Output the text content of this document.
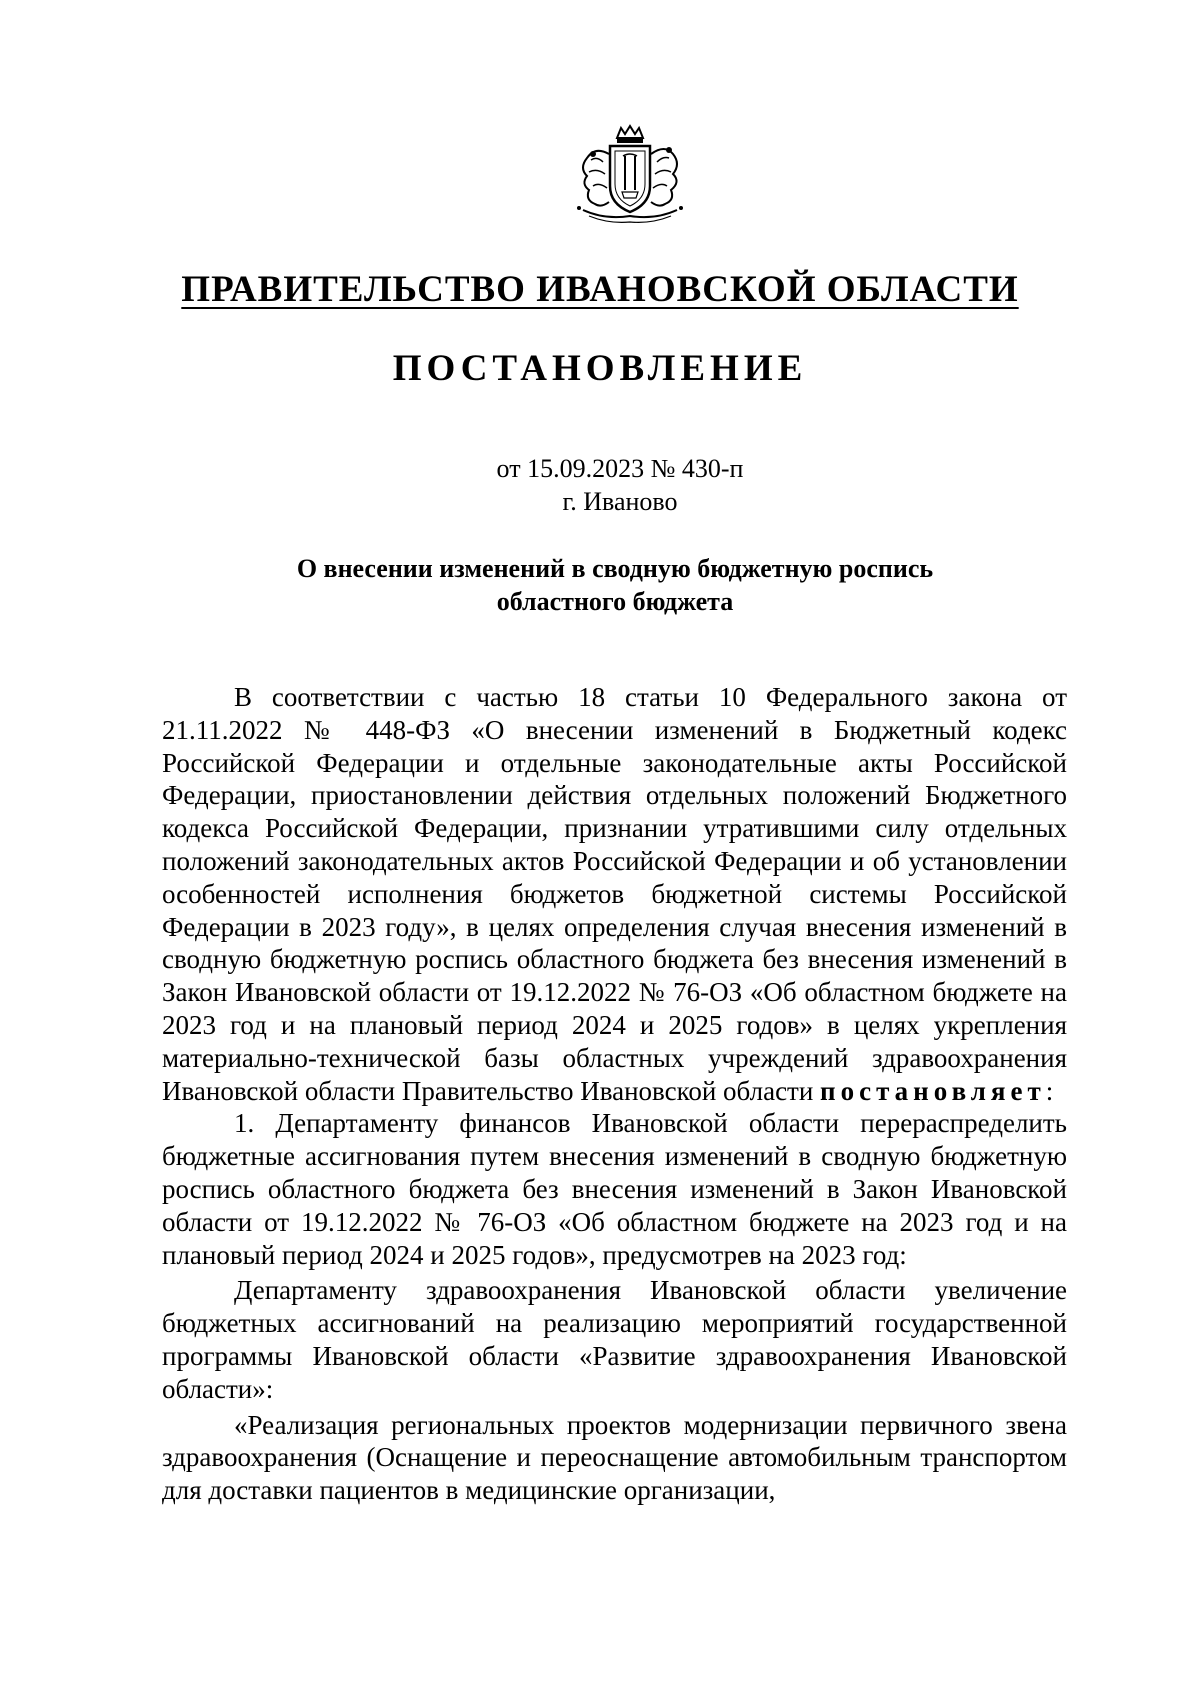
ПРАВИТЕЛЬСТВО ИВАНОВСКОЙ ОБЛАСТИ
ПОСТАНОВЛЕНИЕ
от 15.09.2023 № 430-п
г. Иваново
О внесении изменений в сводную бюджетную роспись
областного бюджета

В соответствии с частью 18 статьи 10 Федерального закона от 21.11.2022 № 448-ФЗ «О внесении изменений в Бюджетный кодекс Российской Федерации и отдельные законодательные акты Российской Федерации, приостановлении действия отдельных положений Бюджетного кодекса Российской Федерации, признании утратившими силу отдельных положений законодательных актов Российской Федерации и об установлении особенностей исполнения бюджетов бюджетной системы Российской Федерации в 2023 году», в целях определения случая внесения изменений в сводную бюджетную роспись областного бюджета без внесения изменений в Закон Ивановской области от 19.12.2022 № 76-ОЗ «Об областном бюджете на 2023 год и на плановый период 2024 и 2025 годов» в целях укрепления материально-технической базы областных учреждений здравоохранения Ивановской области Правительство Ивановской области постановляет:

1. Департаменту финансов Ивановской области перераспределить бюджетные ассигнования путем внесения изменений в сводную бюджетную роспись областного бюджета без внесения изменений в Закон Ивановской области от 19.12.2022 № 76-ОЗ «Об областном бюджете на 2023 год и на плановый период 2024 и 2025 годов», предусмотрев на 2023 год:

Департаменту здравоохранения Ивановской области увеличение бюджетных ассигнований на реализацию мероприятий государственной программы Ивановской области «Развитие здравоохранения Ивановской области»:

«Реализация региональных проектов модернизации первичного звена здравоохранения (Оснащение и переоснащение автомобильным транспортом для доставки пациентов в медицинские организации,
